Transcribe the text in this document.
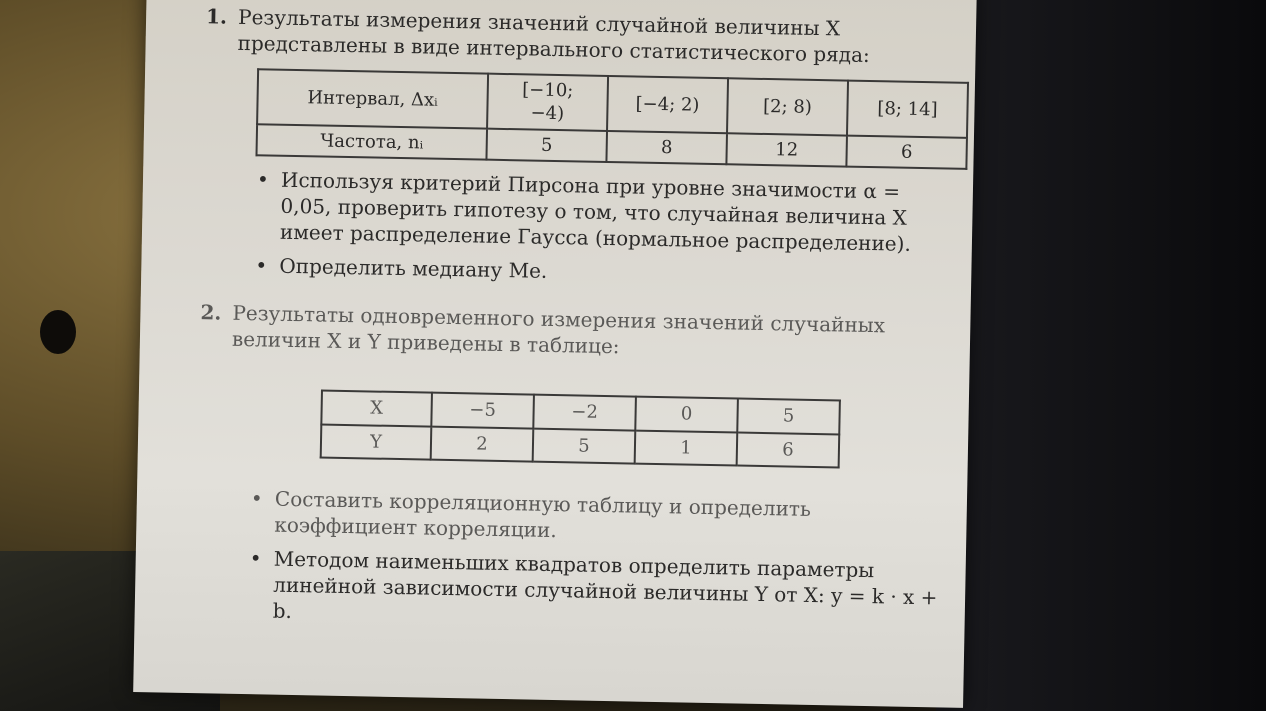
1. Результаты измерения значений случайной величины X представлены в виде интервального статистического ряда:

Интервал, Δxᵢ	[−10; −4)	[−4; 2)	[2; 8)	[8; 14]
Частота, nᵢ	5	8	12	6
• Используя критерий Пирсона при уровне значимости α = 0,05, проверить гипотезу о том, что случайная величина X имеет распределение Гаусса (нормальное распределение).
• Определить медиану Me.
2. Результаты одновременного измерения значений случайных величин X и Y приведены в таблице:

X	−5	−2	0	5
Y	2	5	1	6
• Составить корреляционную таблицу и определить коэффициент корреляции.
• Методом наименьших квадратов определить параметры линейной зависимости случайной величины Y от X: y = k · x + b.
